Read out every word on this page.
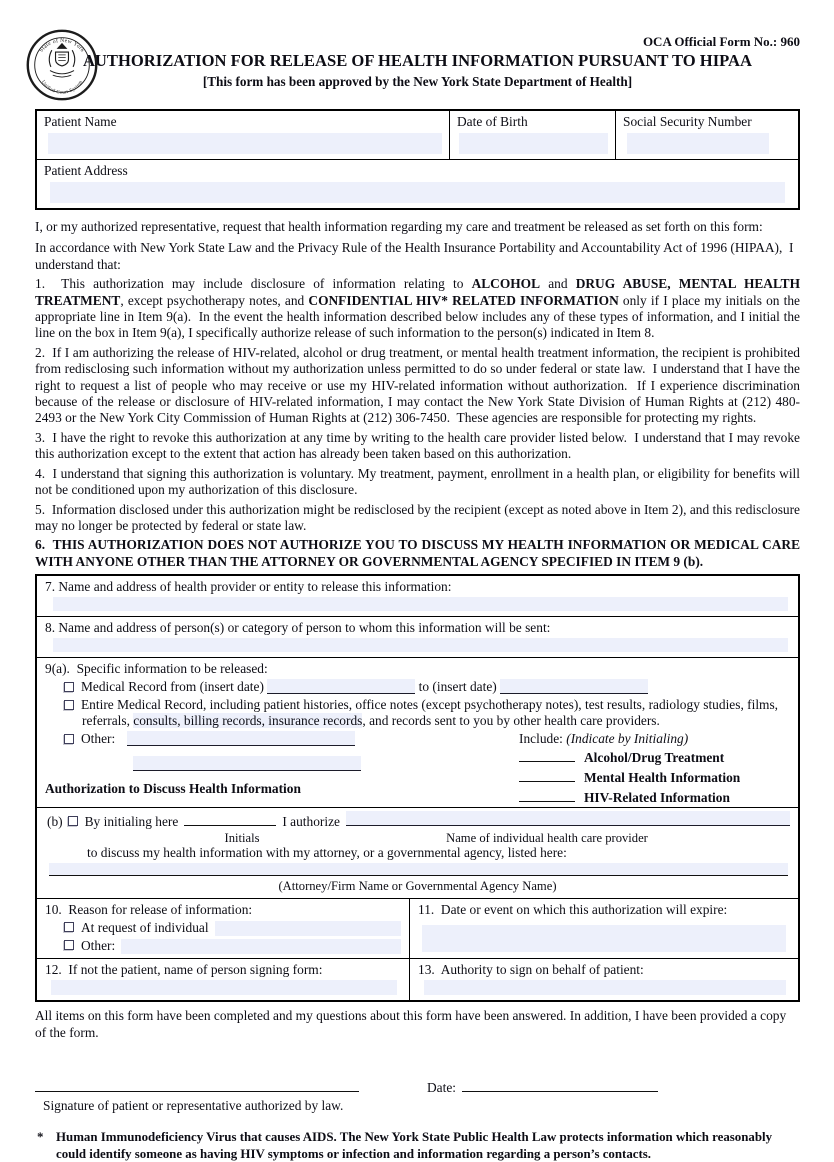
State of New York
Unified Court System
OCA Official Form No.: 960
AUTHORIZATION FOR RELEASE OF HEALTH INFORMATION PURSUANT TO HIPAA
[This form has been approved by the New York State Department of Health]
Patient Name	Date of Birth	Social Security Number
Patient Address

I, or my authorized representative, request that health information regarding my care and treatment be released as set forth on this form:

In accordance with New York State Law and the Privacy Rule of the Health Insurance Portability and Accountability Act of 1996 (HIPAA),  I understand that:

1.  This authorization may include disclosure of information relating to ALCOHOL and DRUG ABUSE, MENTAL HEALTH TREATMENT, except psychotherapy notes, and CONFIDENTIAL HIV* RELATED INFORMATION only if I place my initials on the appropriate line in Item 9(a).  In the event the health information described below includes any of these types of information, and I initial the line on the box in Item 9(a), I specifically authorize release of such information to the person(s) indicated in Item 8.

2.  If I am authorizing the release of HIV-related, alcohol or drug treatment, or mental health treatment information, the recipient is prohibited from redisclosing such information without my authorization unless permitted to do so under federal or state law.  I understand that I have the right to request a list of people who may receive or use my HIV-related information without authorization.  If I experience discrimination because of the release or disclosure of HIV-related information, I may contact the New York State Division of Human Rights at (212) 480-2493 or the New York City Commission of Human Rights at (212) 306-7450.  These agencies are responsible for protecting my rights.

3.  I have the right to revoke this authorization at any time by writing to the health care provider listed below.  I understand that I may revoke this authorization except to the extent that action has already been taken based on this authorization.

4.  I understand that signing this authorization is voluntary. My treatment, payment, enrollment in a health plan, or eligibility for benefits will not be conditioned upon my authorization of this disclosure.

5.  Information disclosed under this authorization might be redisclosed by the recipient (except as noted above in Item 2), and this redisclosure may no longer be protected by federal or state law.

6.  THIS AUTHORIZATION DOES NOT AUTHORIZE YOU TO DISCUSS MY HEALTH INFORMATION OR MEDICAL CARE WITH ANYONE OTHER THAN THE ATTORNEY OR GOVERNMENTAL AGENCY SPECIFIED IN ITEM 9 (b).

7. Name and address of health provider or entity to release this information:
8. Name and address of person(s) or category of person to whom this information will be sent:
9(a).  Specific information to be released:
Medical Record from (insert date)	to (insert date)
Entire Medical Record, including patient histories, office notes (except psychotherapy notes), test results, radiology studies, films, referrals, consults, billing records, insurance records, and records sent to you by other health care providers.
Other:
Authorization to Discuss Health Information
Include: (Indicate by Initialing)
Alcohol/Drug Treatment
Mental Health Information
HIV-Related Information
(b) By initialing here	I authorize
Initials	Name of individual health care provider
to discuss my health information with my attorney, or a governmental agency, listed here:
(Attorney/Firm Name or Governmental Agency Name)
10.  Reason for release of information:
At request of individual
Other:
11.  Date or event on which this authorization will expire:
12.  If not the patient, name of person signing form:	13.  Authority to sign on behalf of patient:

All items on this form have been completed and my questions about this form have been answered. In addition, I have been provided a copy of the form.

Date:
Signature of patient or representative authorized by law.
* Human Immunodeficiency Virus that causes AIDS. The New York State Public Health Law protects information which reasonably could identify someone as having HIV symptoms or infection and information regarding a person’s contacts.
